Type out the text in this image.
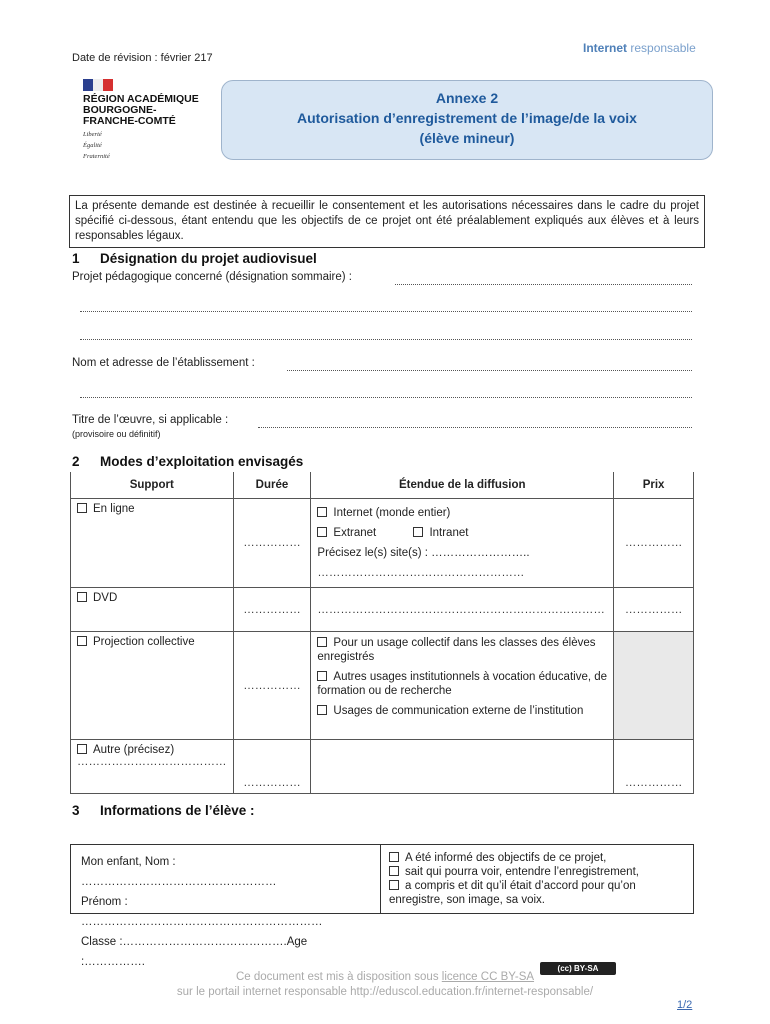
Date de révision : février 217
Internet responsable
RÉGION ACADÉMIQUE
BOURGOGNE-
FRANCHE-COMTÉ
Liberté
Égalité
Fraternité
Annexe 2
Autorisation d’enregistrement de l’image/de la voix
(élève mineur)
La présente demande est destinée à recueillir le consentement et les autorisations nécessaires dans le cadre du projet spécifié ci-dessous, étant entendu que les objectifs de ce projet ont été préalablement expliqués aux élèves et à leurs responsables légaux.
1 Désignation du projet audiovisuel
Projet pédagogique concerné (désignation sommaire) :
Nom et adresse de l’établissement :
Titre de l’œuvre, si applicable :
(provisoire ou définitif)
2 Modes d’exploitation envisagés
Support	Durée	Étendue de la diffusion	Prix
En ligne	……………	Internet (monde entier)
Extranet Intranet
Précisez le(s) site(s) : ……………………..
………………………………………………	……………
DVD	……………	…………………………………………………………………	……………
Projection collective	……………	Pour un usage collectif dans les classes des élèves enregistrés
Autres usages institutionnels à vocation éducative, de formation ou de recherche
Usages de communication externe de l’institution	

Autre (précisez)
…………………………………	……………		……………
3 Informations de l’élève :
Mon enfant, Nom : ……………………………………………
Prénom : ………………………………………………………
Classe :…………………………………….Age :…………….
A été informé des objectifs de ce projet,
sait qui pourra voir, entendre l’enregistrement,
a compris et dit qu’il était d’accord pour qu’on
enregistre, son image, sa voix.
(cc) BY-SA
Ce document est mis à disposition sous licence CC BY-SA
sur le portail internet responsable http://eduscol.education.fr/internet-responsable/
1/2
